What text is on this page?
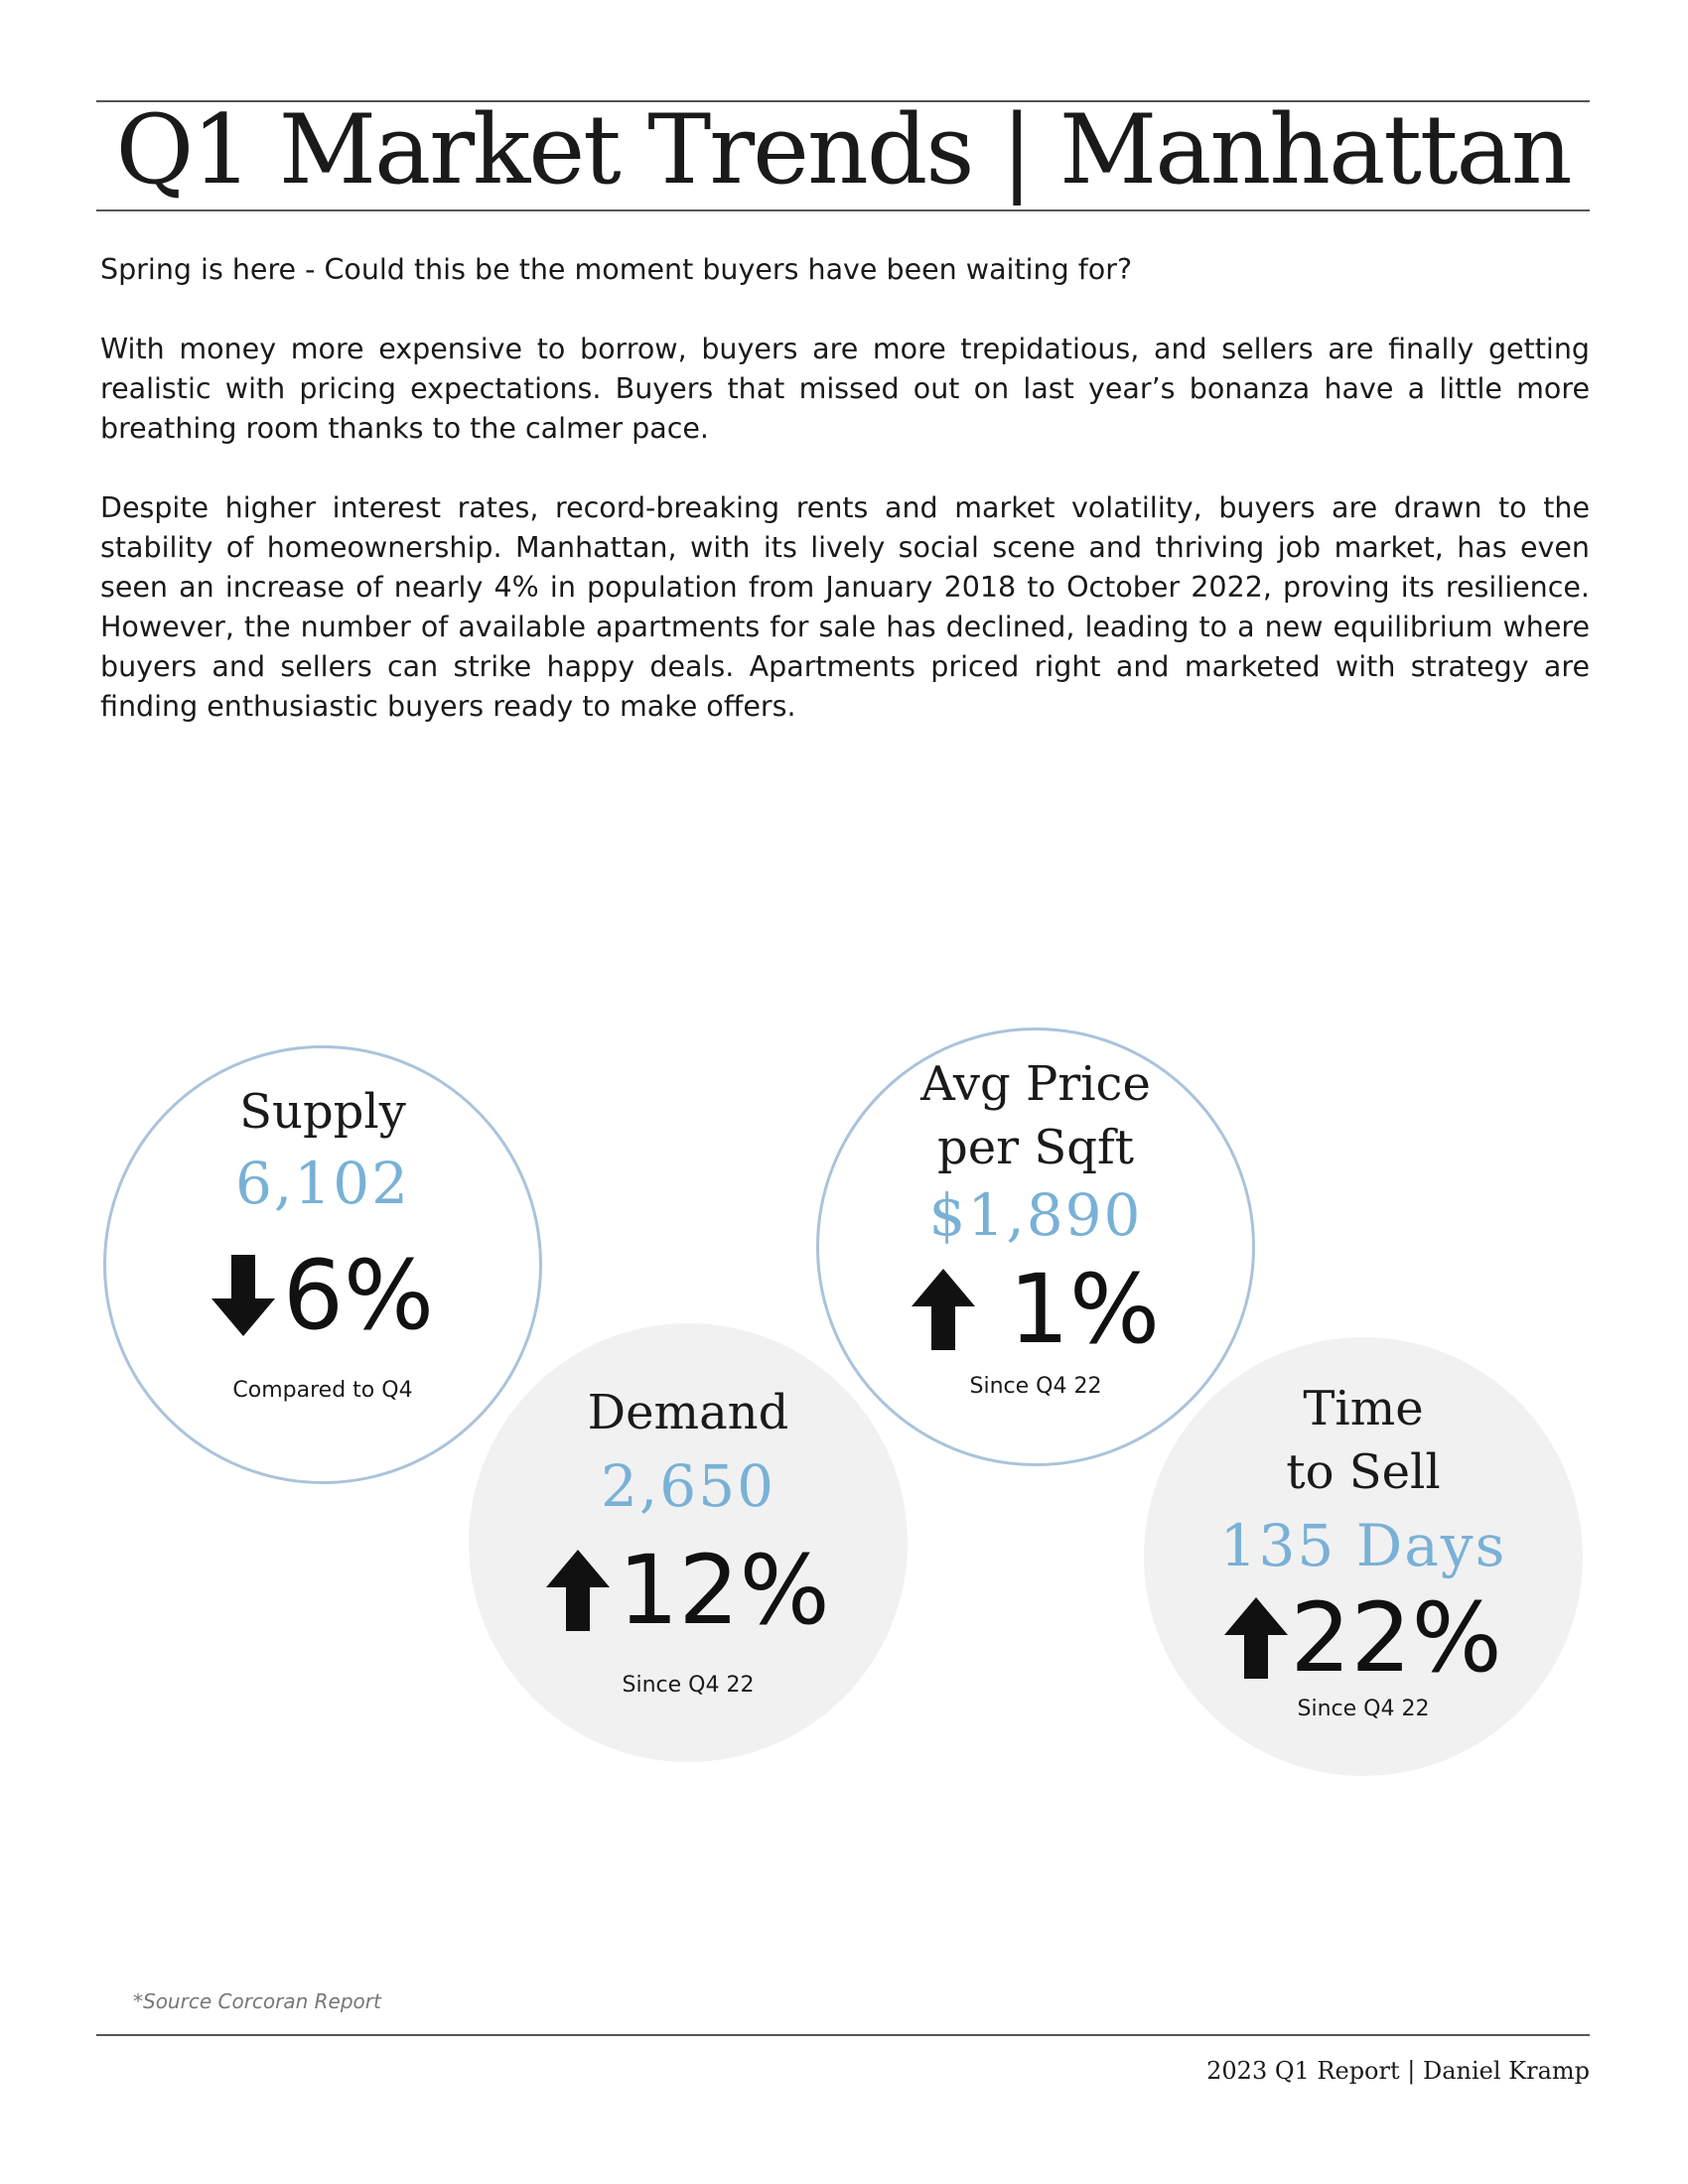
Q1 Market Trends | Manhattan

Spring is here - Could this be the moment buyers have been waiting for?

With money more expensive to borrow, buyers are more trepidatious, and sellers are finally getting realistic with pricing expectations. Buyers that missed out on last year’s bonanza have a little more breathing room thanks to the calmer pace.

Despite higher interest rates, record-breaking rents and market volatility, buyers are drawn to the stability of homeownership. Manhattan, with its lively social scene and thriving job market, has even seen an increase of nearly 4% in population from January 2018 to October 2022, proving its resilience. However, the number of available apartments for sale has declined, leading to a new equilibrium where buyers and sellers can strike happy deals. Apartments priced right and marketed with strategy are finding enthusiastic buyers ready to make offers.

Supply
6,102
6%
Compared to Q4	Demand
2,650
12%
Since Q4 22
Avg Price per Sqft
$1,890
1%
Since Q4 22	Time to Sell
135 Days
22%
Since Q4 22
*Source Corcoran Report
2023 Q1 Report | Daniel Kramp
